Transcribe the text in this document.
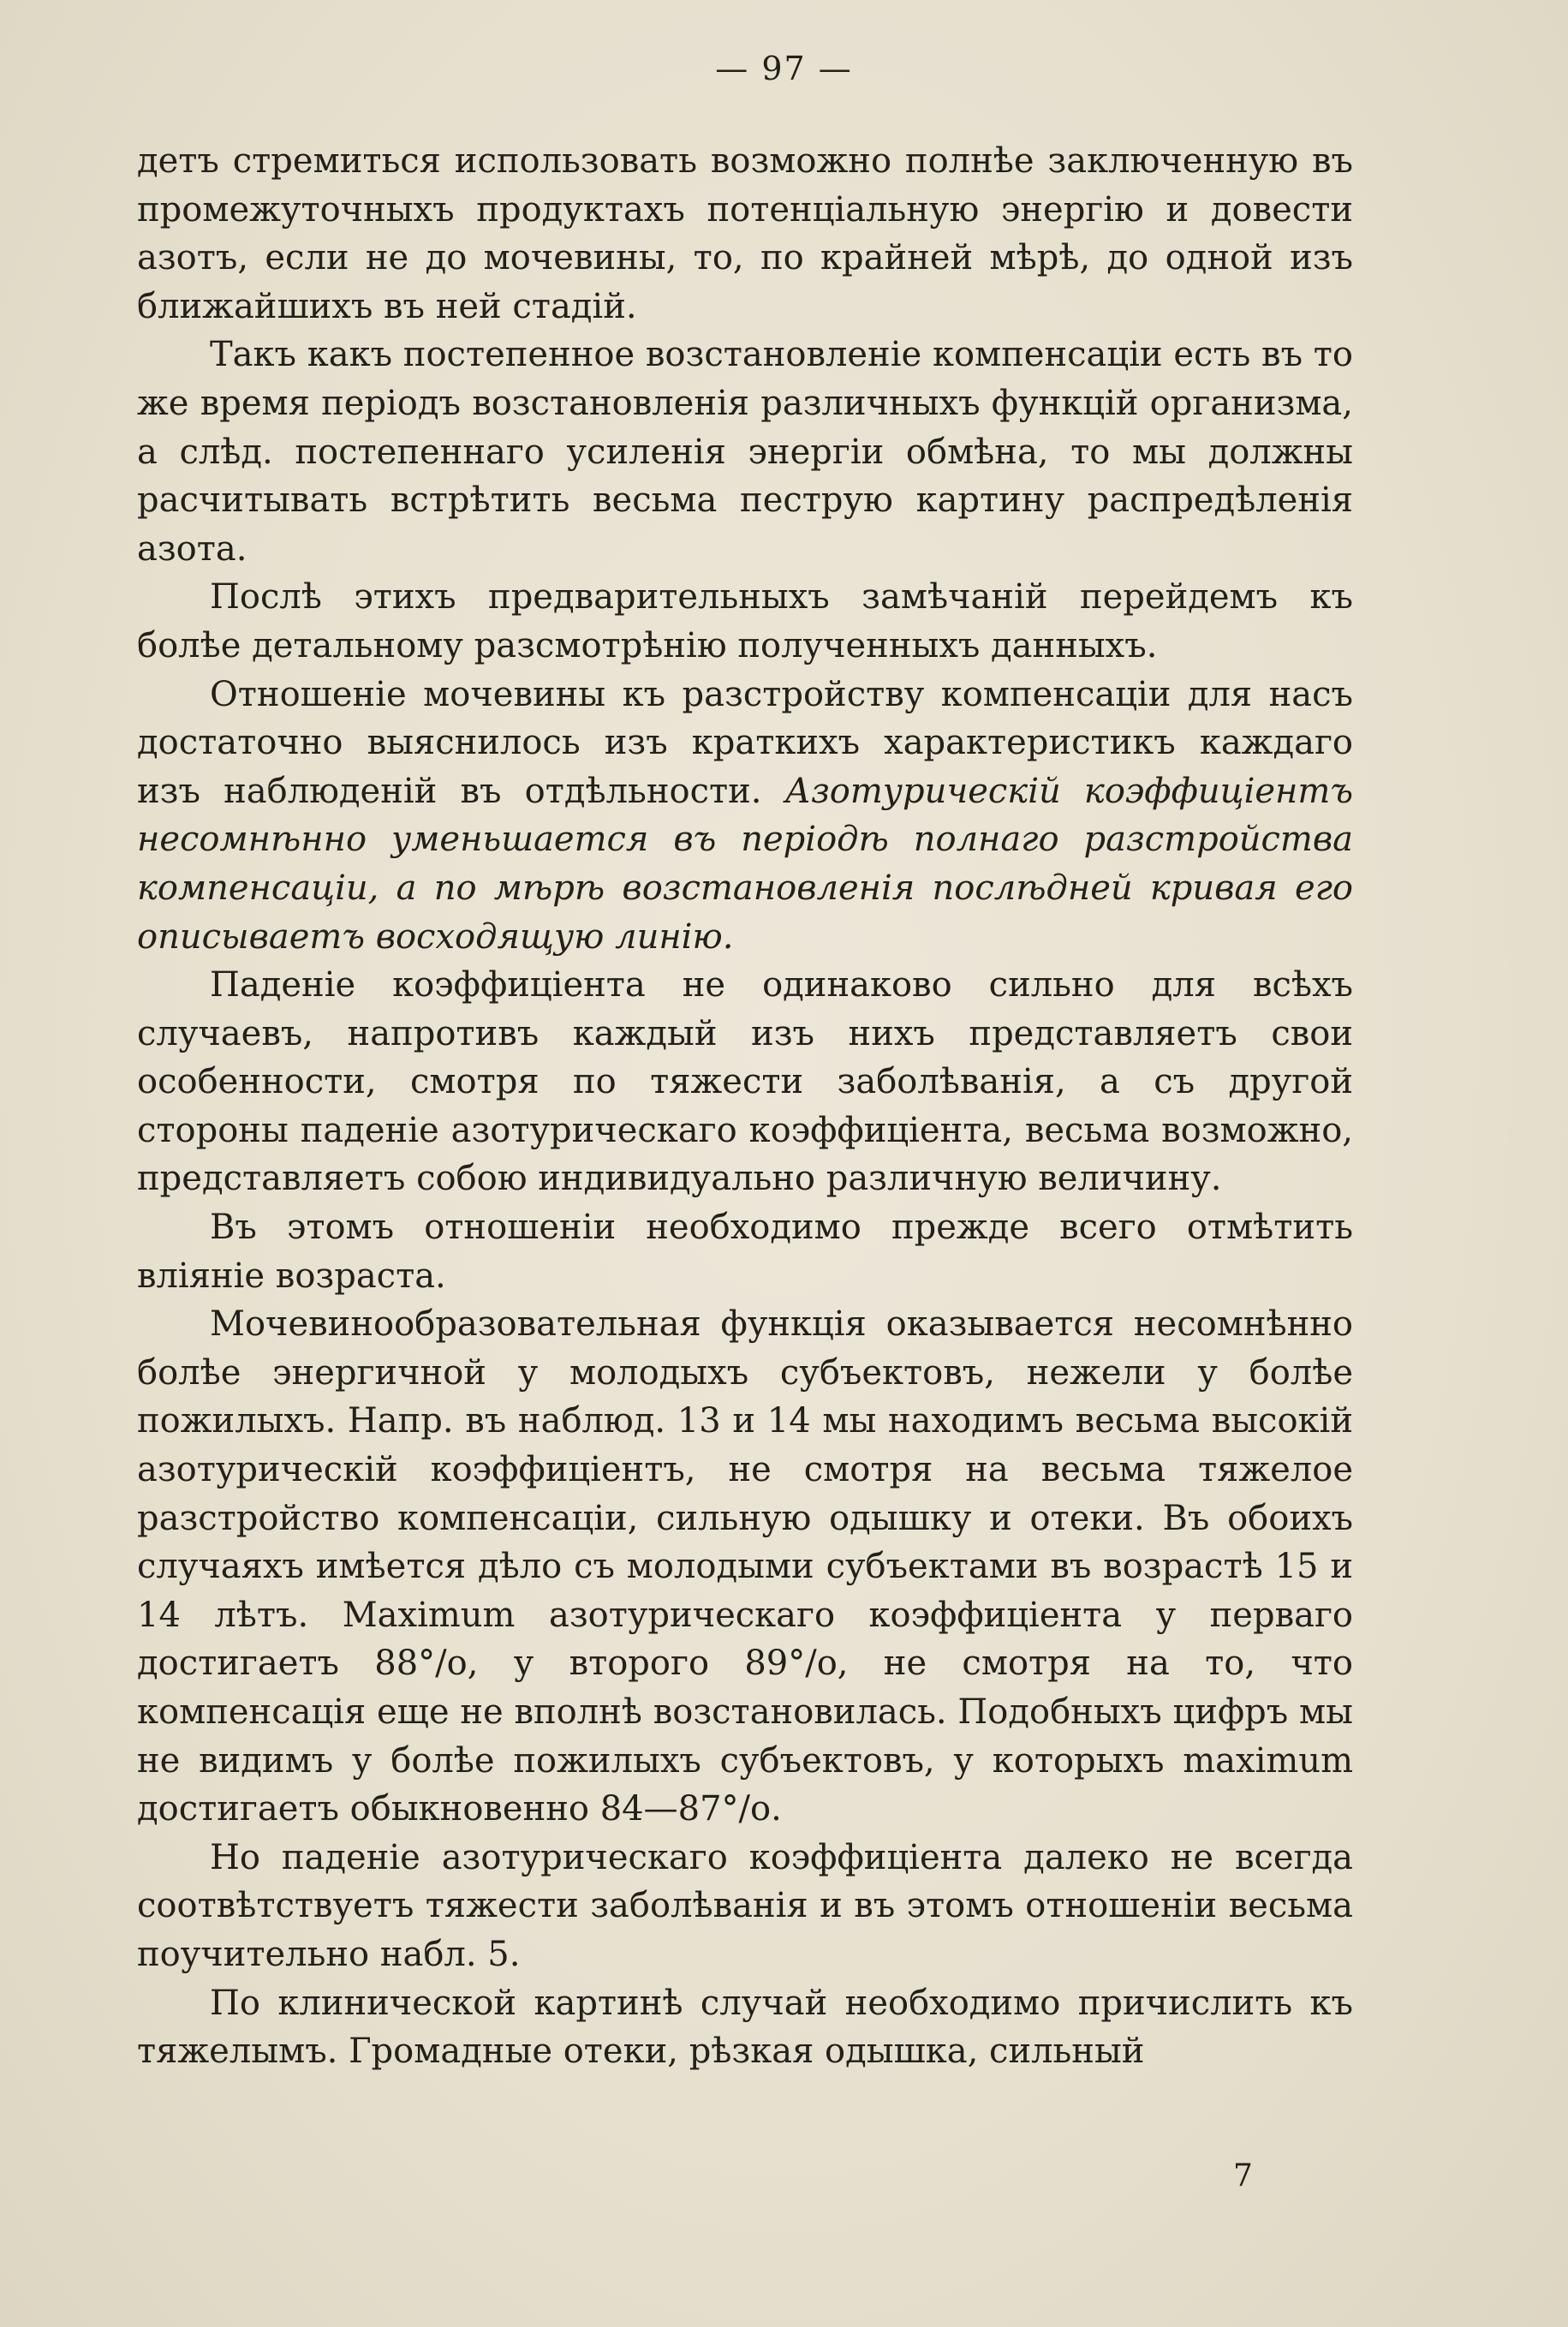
— 97 —

детъ стремиться использовать возможно полнѣе заключенную въ промежуточныхъ продуктахъ потенціальную энергію и довести азотъ, если не до мочевины, то, по крайней мѣрѣ, до одной изъ ближайшихъ въ ней стадій.

Такъ какъ постепенное возстановленіе компенсаціи есть въ то же время періодъ возстановленія различныхъ функцій организма, а слѣд. постепеннаго усиленія энергіи обмѣна, то мы должны расчитывать встрѣтить весьма пеструю картину распредѣленія азота.

Послѣ этихъ предварительныхъ замѣчаній перейдемъ къ болѣе детальному разсмотрѣнію полученныхъ данныхъ.

Отношеніе мочевины къ разстройству компенсаціи для насъ достаточно выяснилось изъ краткихъ характеристикъ каждаго изъ наблюденій въ отдѣльности. Азотурическій коэффиціентъ несомнѣнно уменьшается въ періодѣ полнаго разстройства компенсаціи, а по мѣрѣ возстановленія послѣдней кривая его описываетъ восходящую линію.

Паденіе коэффиціента не одинаково сильно для всѣхъ случаевъ, напротивъ каждый изъ нихъ представляетъ свои особенности, смотря по тяжести заболѣванія, а съ другой стороны паденіе азотурическаго коэффиціента, весьма возможно, представляетъ собою индивидуально различную величину.

Въ этомъ отношеніи необходимо прежде всего отмѣтить вліяніе возраста.

Мочевинообразовательная функція оказывается несомнѣнно болѣе энергичной у молодыхъ субъектовъ, нежели у болѣе пожилыхъ. Напр. въ наблюд. 13 и 14 мы находимъ весьма высокій азотурическій коэффиціентъ, не смотря на весьма тяжелое разстройство компенсаціи, сильную одышку и отеки. Въ обоихъ случаяхъ имѣется дѣло съ молодыми субъектами въ возрастѣ 15 и 14 лѣтъ. Maximum азотурическаго коэффиціента у перваго достигаетъ 88°/о, у второго 89°/о, не смотря на то, что компенсація еще не вполнѣ возстановилась. Подобныхъ цифръ мы не видимъ у болѣе пожилыхъ субъектовъ, у которыхъ maximum достигаетъ обыкновенно 84—87°/о.

Но паденіе азотурическаго коэффиціента далеко не всегда соотвѣтствуетъ тяжести заболѣванія и въ этомъ отношеніи весьма поучительно набл. 5.

По клинической картинѣ случай необходимо причислить къ тяжелымъ. Громадные отеки, рѣзкая одышка, сильный

7
